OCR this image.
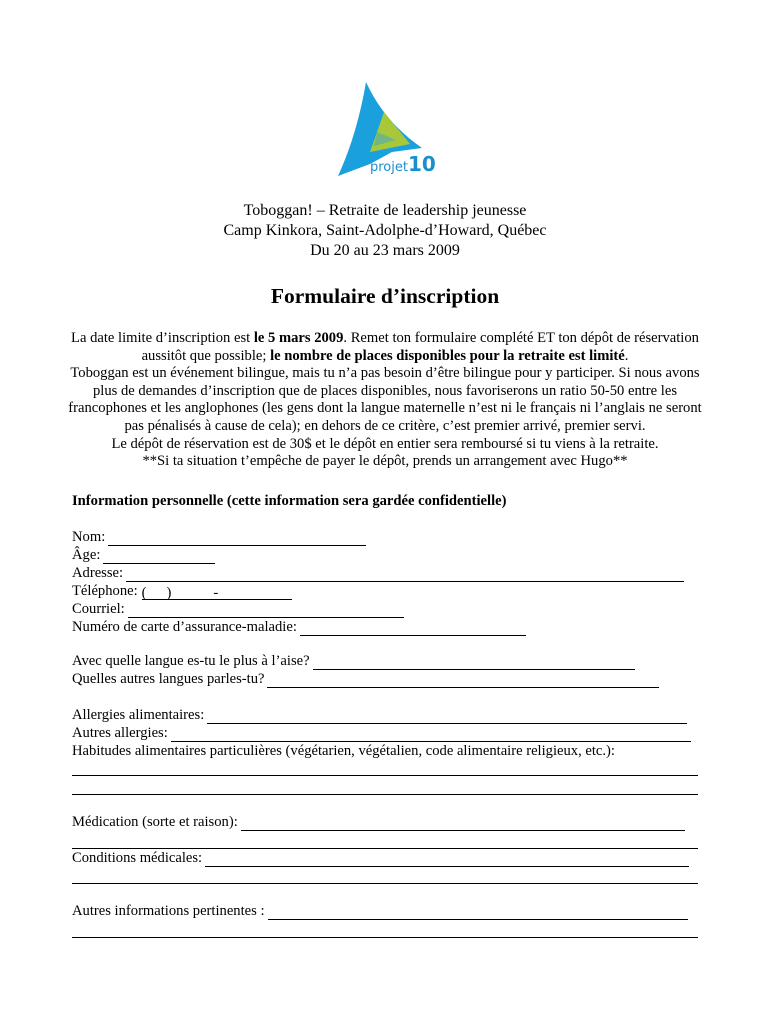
projet10
Toboggan! – Retraite de leadership jeunesse
Camp Kinkora, Saint-Adolphe-d’Howard, Québec
Du 20 au 23 mars 2009
Formulaire d’inscription
La date limite d’inscription est le 5 mars 2009. Remet ton formulaire complété ET ton dépôt de réservation aussitôt que possible; le nombre de places disponibles pour la retraite est limité.
Toboggan est un événement bilingue, mais tu n’a pas besoin d’être bilingue pour y participer. Si nous avons plus de demandes d’inscription que de places disponibles, nous favoriserons un ratio 50-50 entre les francophones et les anglophones (les gens dont la langue maternelle n’est ni le français ni l’anglais ne seront pas pénalisés à cause de cela); en dehors de ce critère, c’est premier arrivé, premier servi.
Le dépôt de réservation est de 30$ et le dépôt en entier sera remboursé si tu viens à la retraite.
**Si ta situation t’empêche de payer le dépôt, prends un arrangement avec Hugo**
Information personnelle (cette information sera gardée confidentielle)
Nom:
Âge:
Adresse:
Téléphone: ( )	-
Courriel:
Numéro de carte d’assurance-maladie:
Avec quelle langue es-tu le plus à l’aise?
Quelles autres langues parles-tu?
Allergies alimentaires:
Autres allergies:
Habitudes alimentaires particulières (végétarien, végétalien, code alimentaire religieux, etc.):
Médication (sorte et raison):
Conditions médicales:
Autres informations pertinentes :
